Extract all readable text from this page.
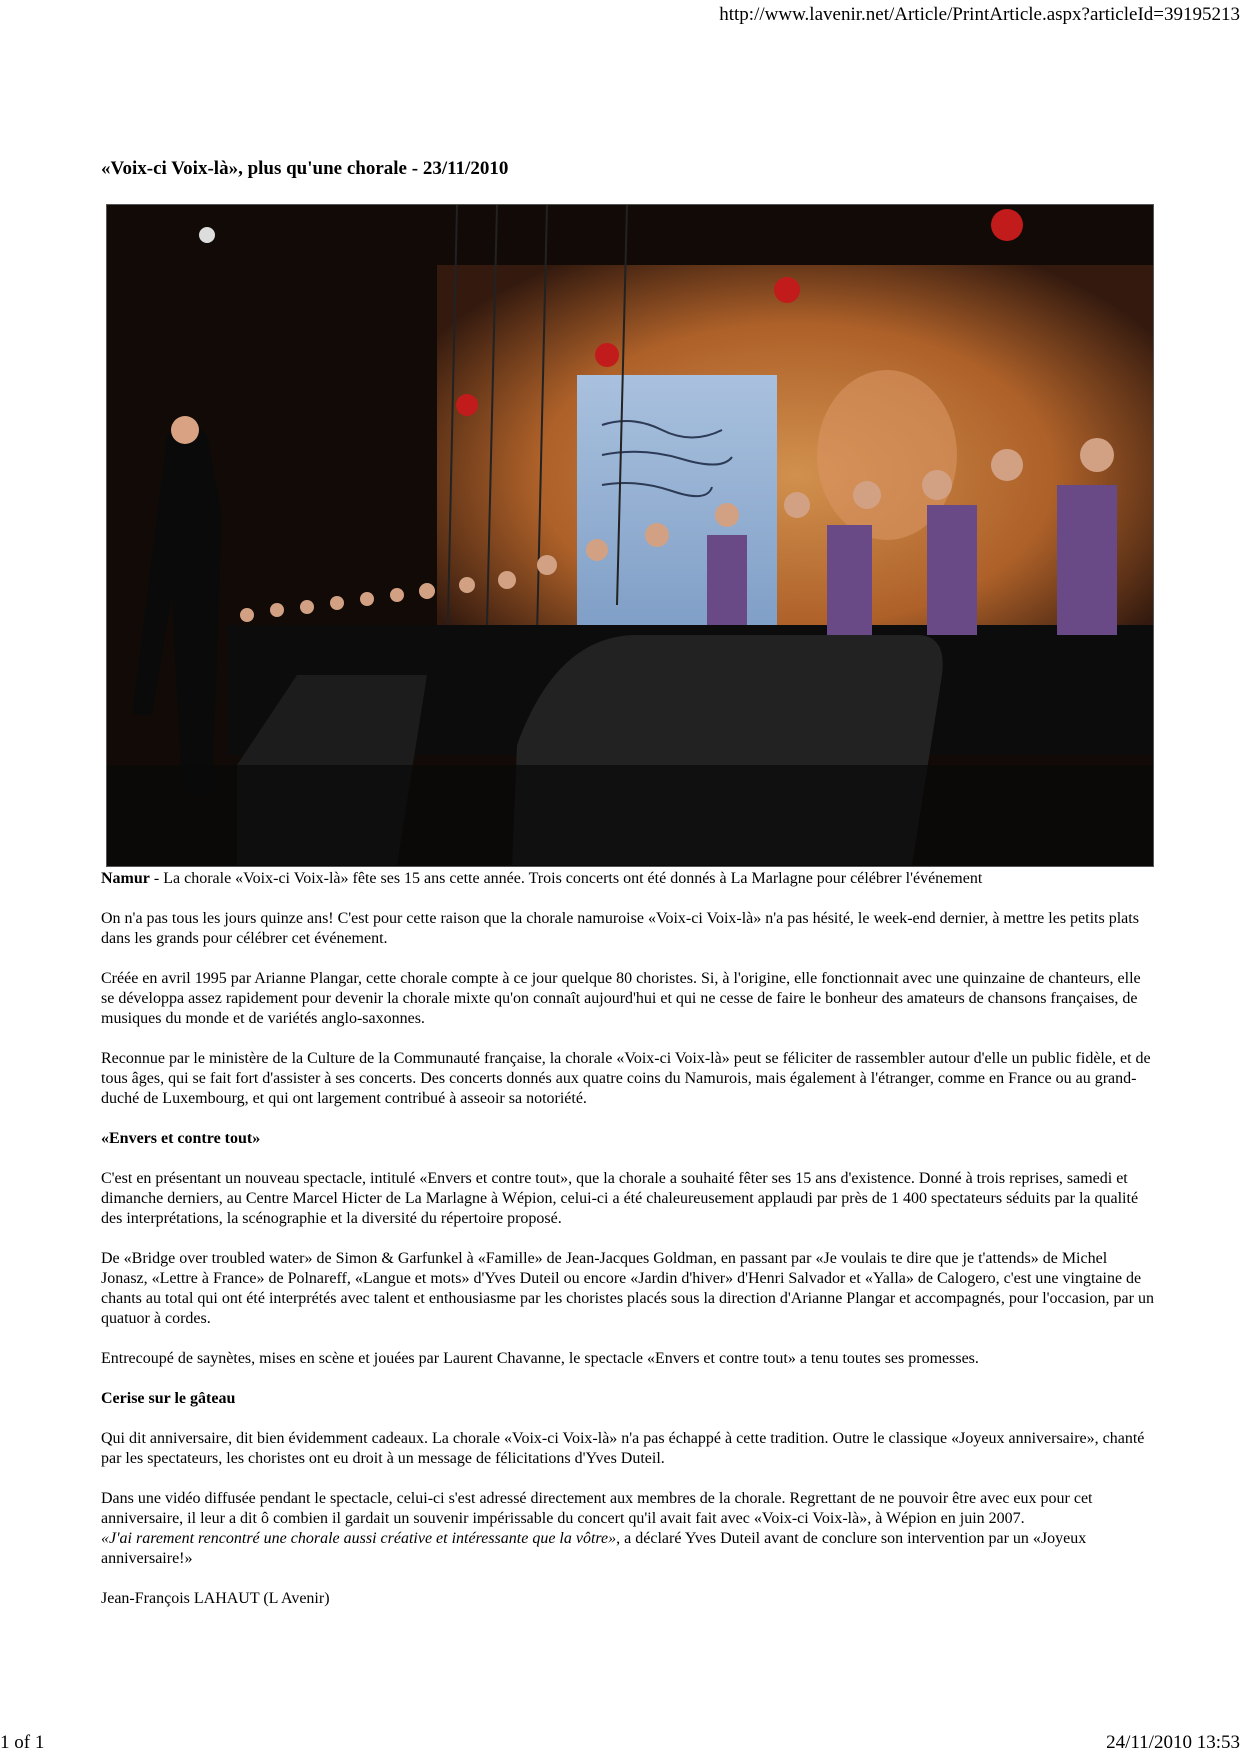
http://www.lavenir.net/Article/PrintArticle.aspx?articleId=39195213
«Voix-ci Voix-là», plus qu'une chorale - 23/11/2010

Namur - La chorale «Voix-ci Voix-là» fête ses 15 ans cette année. Trois concerts ont été donnés à La Marlagne pour célébrer l'événement

On n'a pas tous les jours quinze ans! C'est pour cette raison que la chorale namuroise «Voix-ci Voix-là» n'a pas hésité, le week-end dernier, à mettre les petits plats dans les grands pour célébrer cet événement.

Créée en avril 1995 par Arianne Plangar, cette chorale compte à ce jour quelque 80 choristes. Si, à l'origine, elle fonctionnait avec une quinzaine de chanteurs, elle se développa assez rapidement pour devenir la chorale mixte qu'on connaît aujourd'hui et qui ne cesse de faire le bonheur des amateurs de chansons françaises, de musiques du monde et de variétés anglo-saxonnes.

Reconnue par le ministère de la Culture de la Communauté française, la chorale «Voix-ci Voix-là» peut se féliciter de rassembler autour d'elle un public fidèle, et de tous âges, qui se fait fort d'assister à ses concerts. Des concerts donnés aux quatre coins du Namurois, mais également à l'étranger, comme en France ou au grand-duché de Luxembourg, et qui ont largement contribué à asseoir sa notoriété.

«Envers et contre tout»

C'est en présentant un nouveau spectacle, intitulé «Envers et contre tout», que la chorale a souhaité fêter ses 15 ans d'existence. Donné à trois reprises, samedi et dimanche derniers, au Centre Marcel Hicter de La Marlagne à Wépion, celui-ci a été chaleureusement applaudi par près de 1 400 spectateurs séduits par la qualité des interprétations, la scénographie et la diversité du répertoire proposé.

De «Bridge over troubled water» de Simon & Garfunkel à «Famille» de Jean-Jacques Goldman, en passant par «Je voulais te dire que je t'attends» de Michel Jonasz, «Lettre à France» de Polnareff, «Langue et mots» d'Yves Duteil ou encore «Jardin d'hiver» d'Henri Salvador et «Yalla» de Calogero, c'est une vingtaine de chants au total qui ont été interprétés avec talent et enthousiasme par les choristes placés sous la direction d'Arianne Plangar et accompagnés, pour l'occasion, par un quatuor à cordes.

Entrecoupé de saynètes, mises en scène et jouées par Laurent Chavanne, le spectacle «Envers et contre tout» a tenu toutes ses promesses.

Cerise sur le gâteau

Qui dit anniversaire, dit bien évidemment cadeaux. La chorale «Voix-ci Voix-là» n'a pas échappé à cette tradition. Outre le classique «Joyeux anniversaire», chanté par les spectateurs, les choristes ont eu droit à un message de félicitations d'Yves Duteil.

Dans une vidéo diffusée pendant le spectacle, celui-ci s'est adressé directement aux membres de la chorale. Regrettant de ne pouvoir être avec eux pour cet anniversaire, il leur a dit ô combien il gardait un souvenir impérissable du concert qu'il avait fait avec «Voix-ci Voix-là», à Wépion en juin 2007.
«J'ai rarement rencontré une chorale aussi créative et intéressante que la vôtre», a déclaré Yves Duteil avant de conclure son intervention par un «Joyeux anniversaire!»

Jean-François LAHAUT (L Avenir)

1 of 1	24/11/2010 13:53
